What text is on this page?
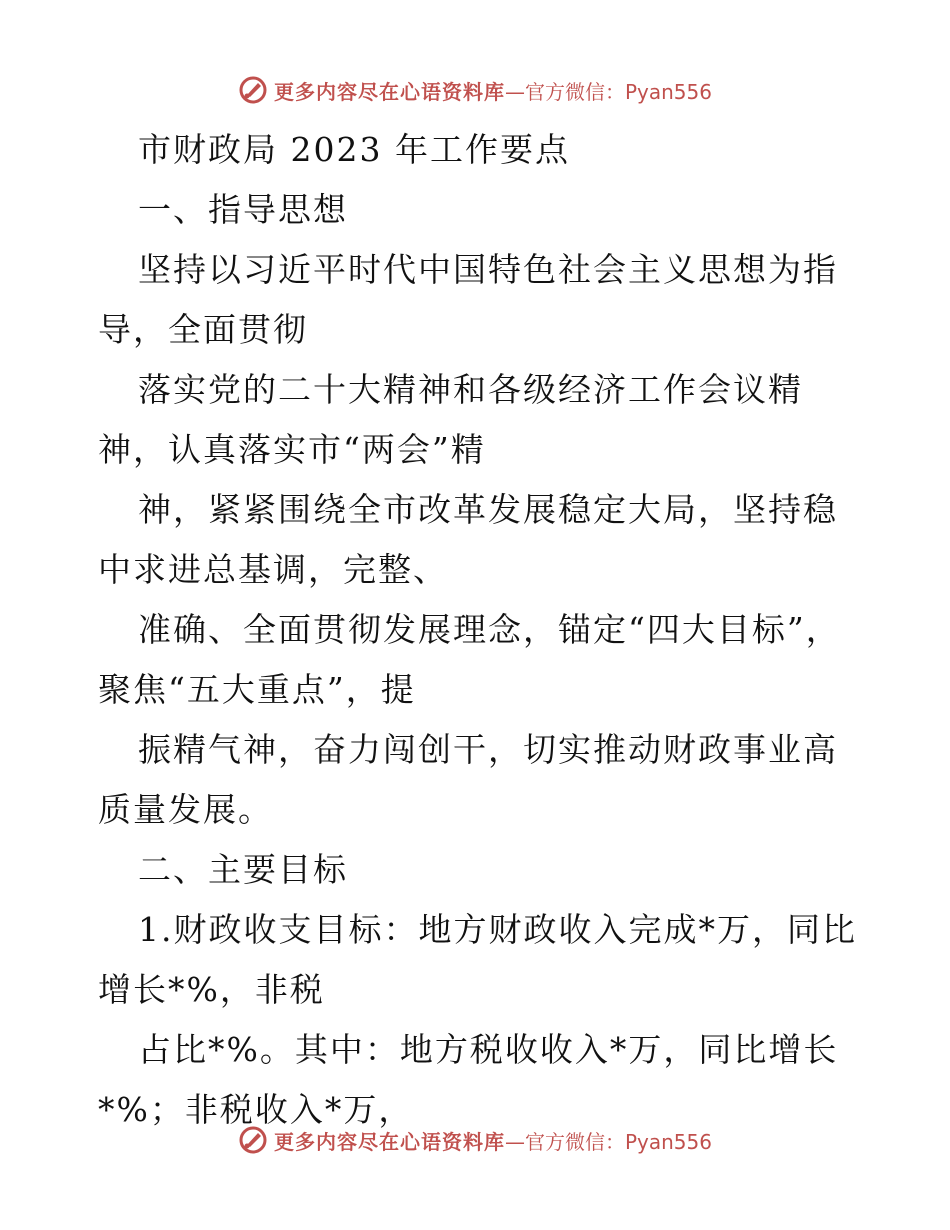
更多内容尽在心语资料库 —官方微信：Pyan556

市财政局 2023 年工作要点

一、指导思想

坚持以习近平时代中国特色社会主义思想为指导，全面贯彻

落实党的二十大精神和各级经济工作会议精神，认真落实市“两会”精

神，紧紧围绕全市改革发展稳定大局，坚持稳中求进总基调，完整、

准确、全面贯彻发展理念，锚定“四大目标”，聚焦“五大重点”，提

振精气神，奋力闯创干，切实推动财政事业高质量发展。

二、主要目标

1.财政收支目标：地方财政收入完成*万，同比增长*%，非税

占比*%。其中：地方税收收入*万，同比增长*%；非税收入*万，

更多内容尽在心语资料库 —官方微信：Pyan556
